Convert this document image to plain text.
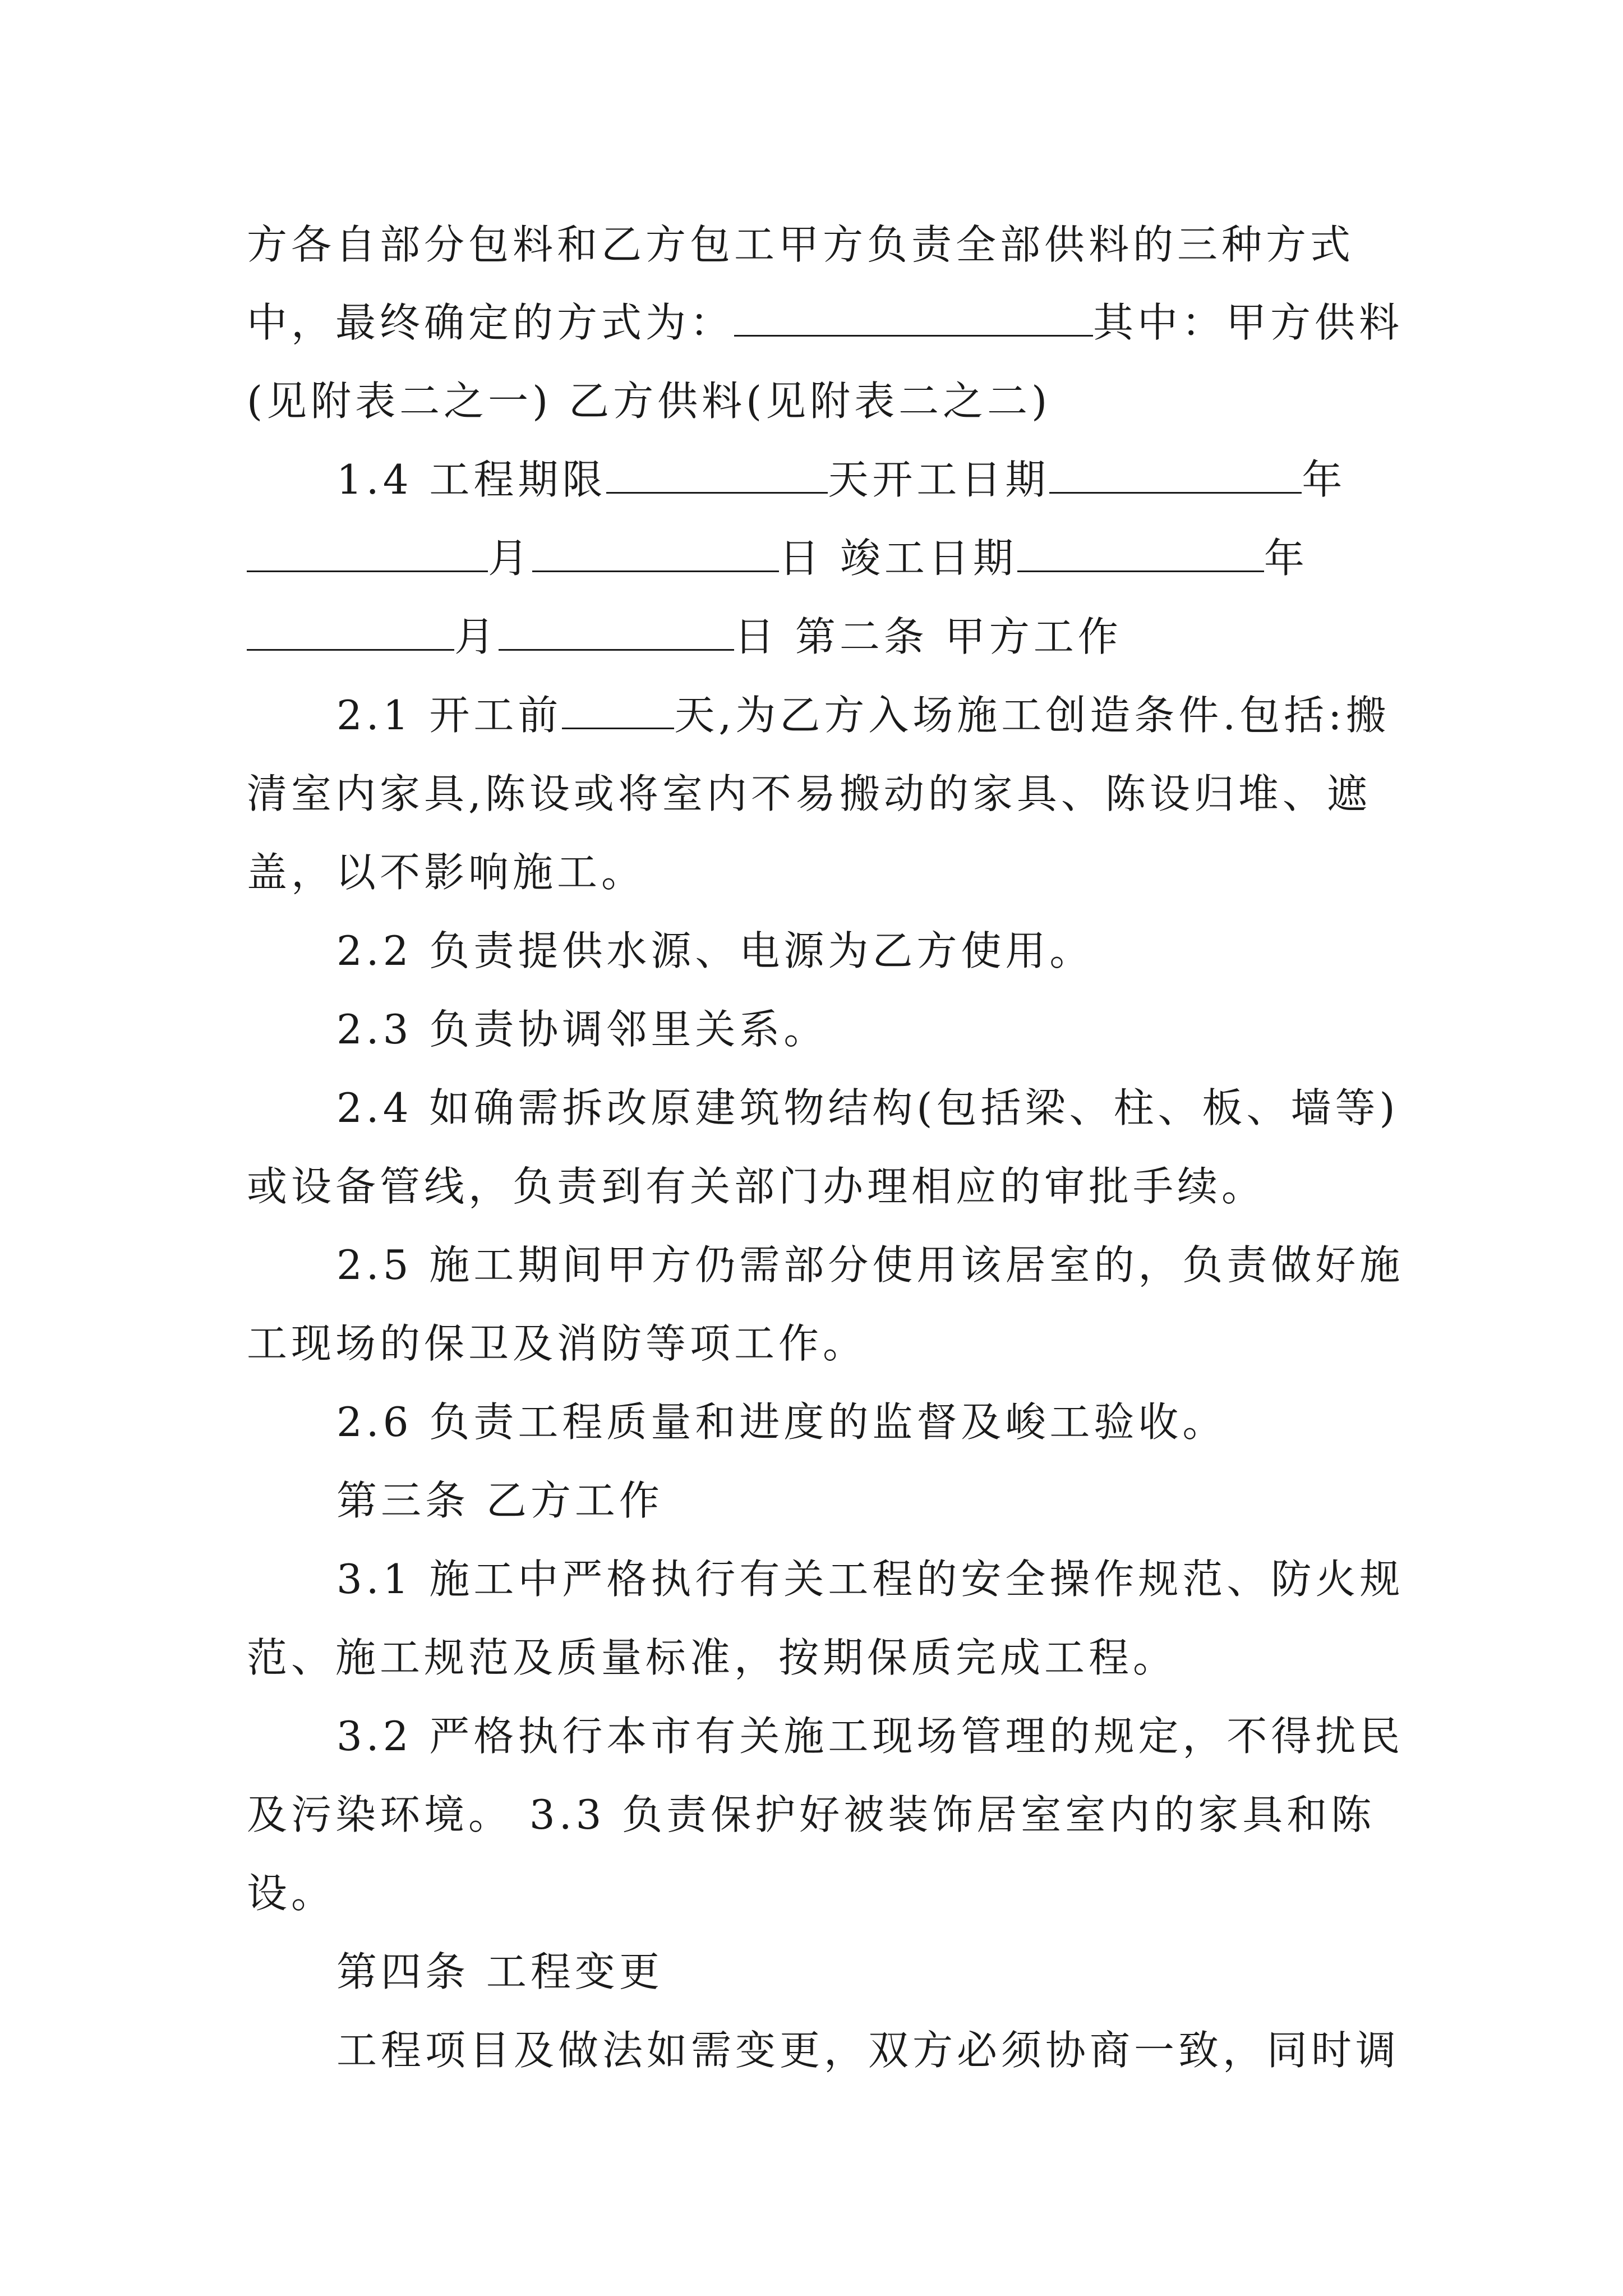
方各自部分包料和乙方包工甲方负责全部供料的三种方式
中，最终确定的方式为：	其中：甲方供料
(见附表二之一) 乙方供料(见附表二之二)
1.4 工程期限	天开工日期	年
月	日 竣工日期	年
月	日 第二条 甲方工作
2.1 开工前	天,为乙方入场施工创造条件.包括:搬
清室内家具,陈设或将室内不易搬动的家具、陈设归堆、遮
盖，以不影响施工。
2.2 负责提供水源、电源为乙方使用。
2.3 负责协调邻里关系。
2.4 如确需拆改原建筑物结构(包括梁、柱、板、墙等)
或设备管线，负责到有关部门办理相应的审批手续。
2.5 施工期间甲方仍需部分使用该居室的，负责做好施
工现场的保卫及消防等项工作。
2.6 负责工程质量和进度的监督及峻工验收。
第三条 乙方工作
3.1 施工中严格执行有关工程的安全操作规范、防火规
范、施工规范及质量标准，按期保质完成工程。
3.2 严格执行本市有关施工现场管理的规定，不得扰民
及污染环境。 3.3 负责保护好被装饰居室室内的家具和陈
设。
第四条 工程变更
工程项目及做法如需变更，双方必须协商一致，同时调
